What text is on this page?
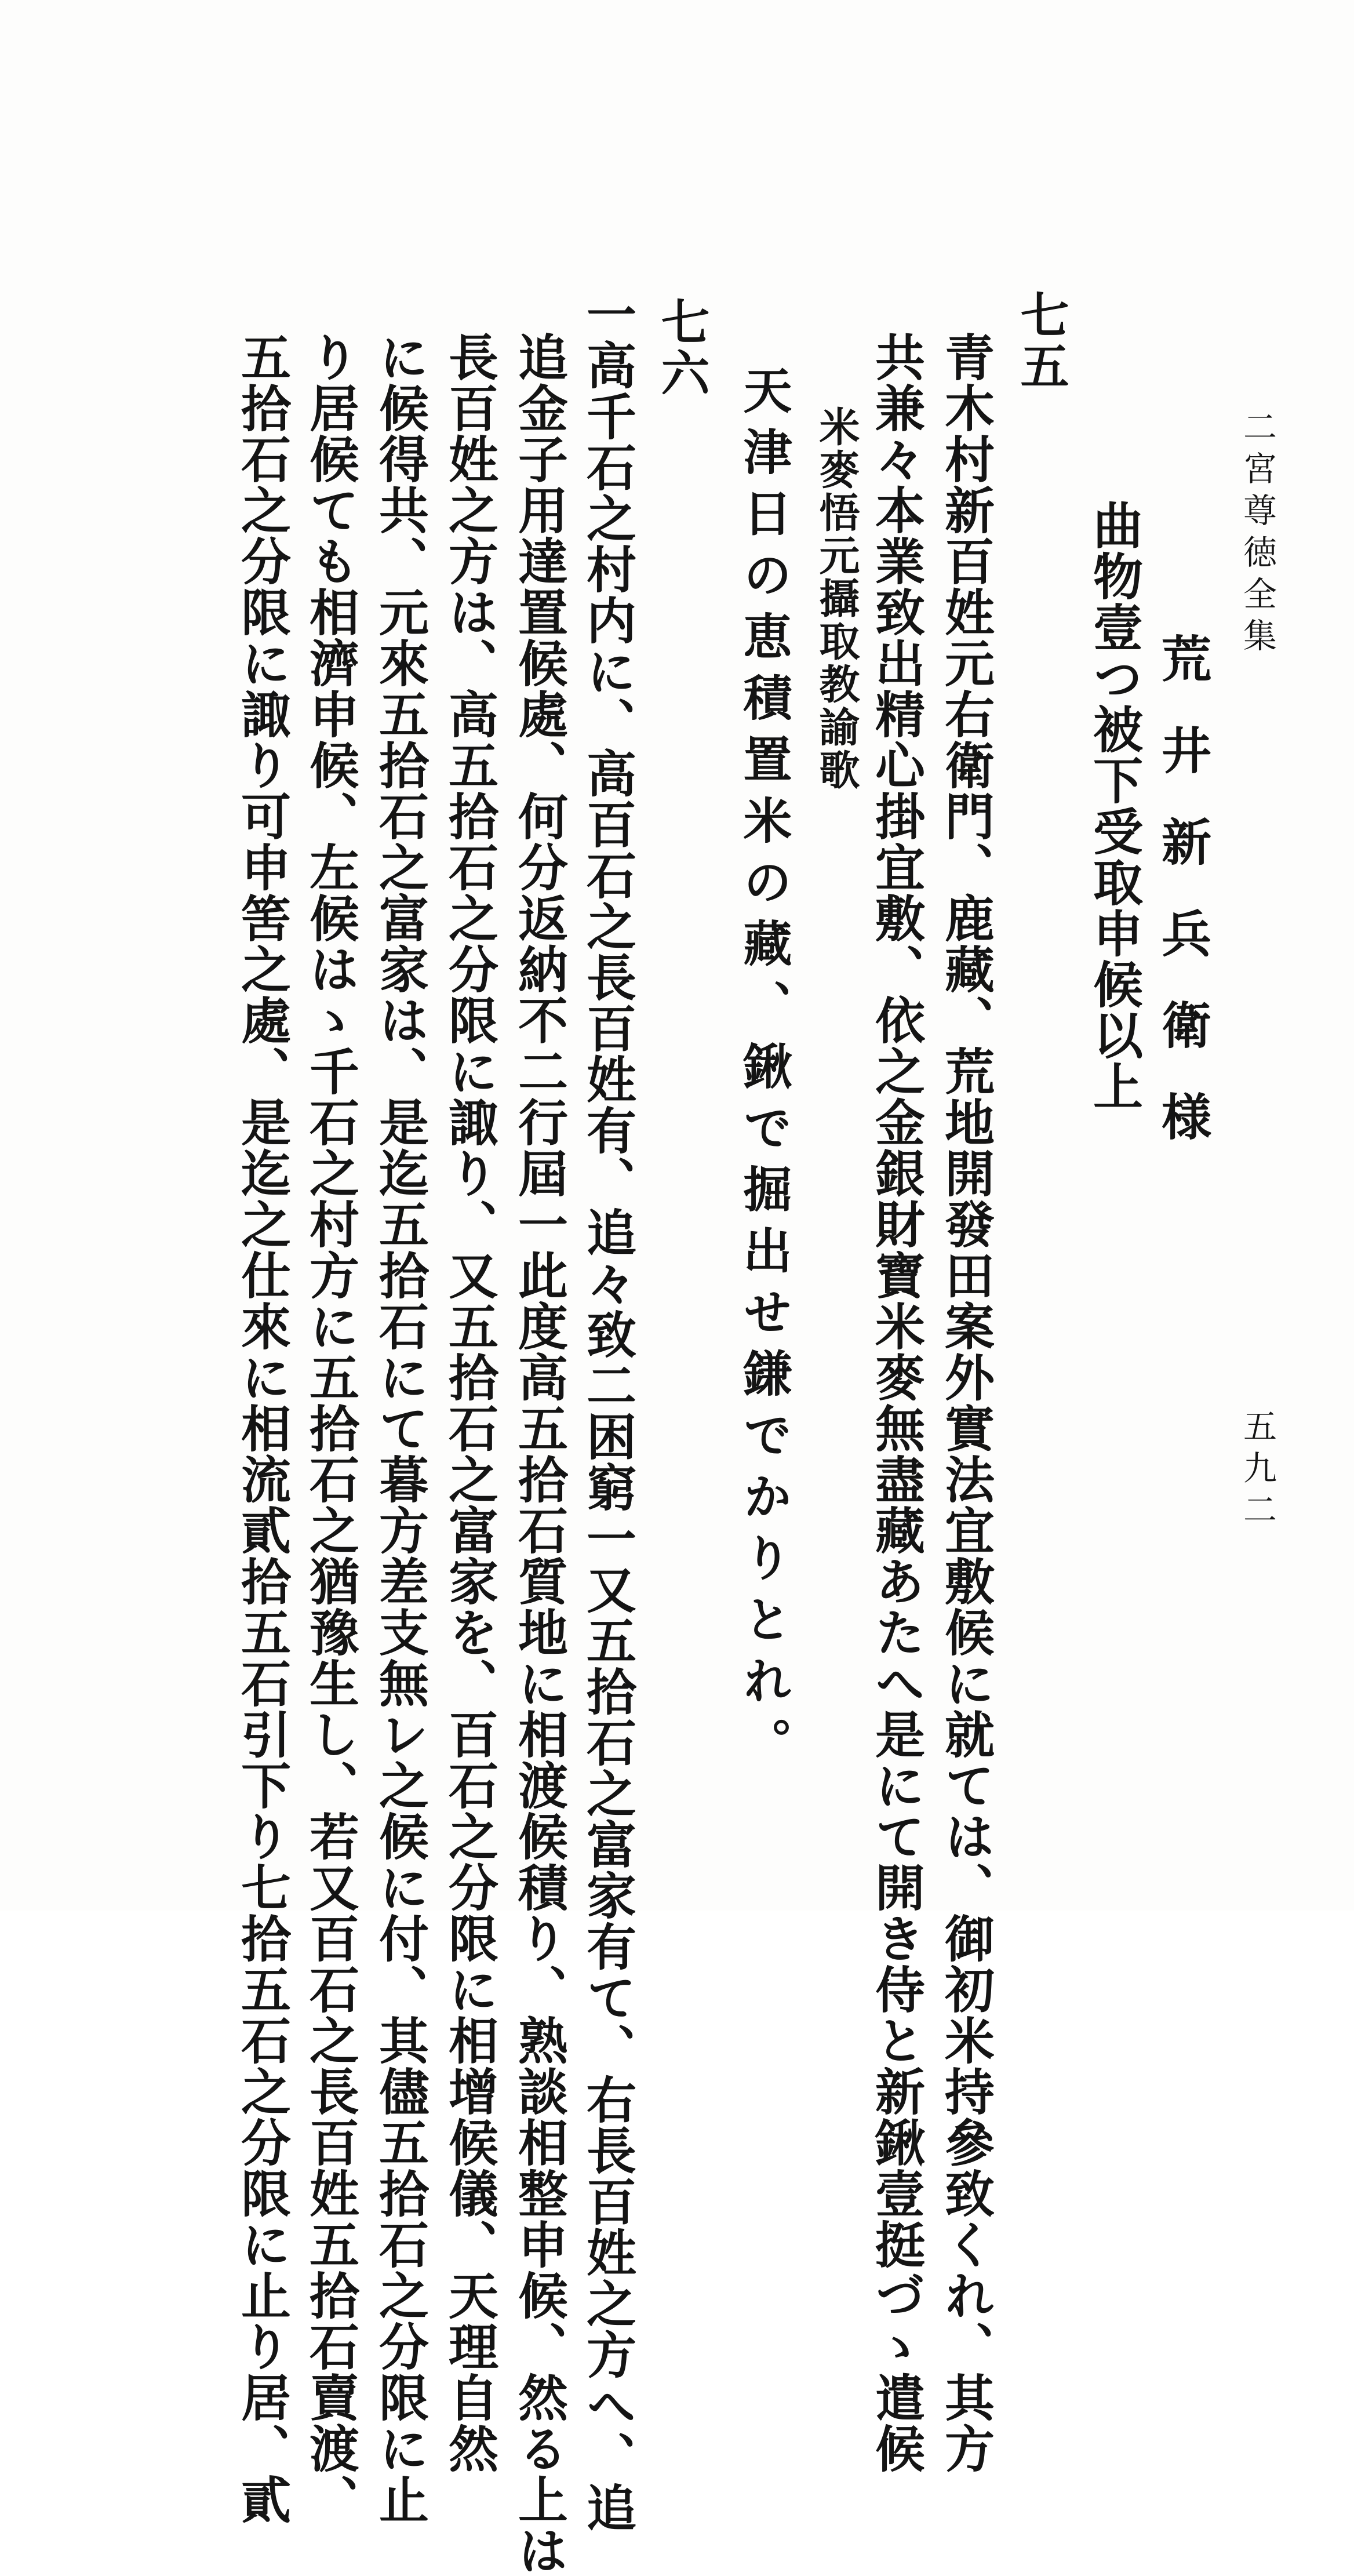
二宮尊徳全集
五九二
荒井新兵衛様
曲物壹つ被下受取申候以上
七五
青木村新百姓元右衛門、鹿藏、荒地開發田案外實法宜敷候に就ては、御初米持參致くれ、其方
共兼々本業致出精心掛宜敷、依之金銀財寶米麥無盡藏あたへ是にて開き侍と新鍬壹挺づゝ遣候
米麥悟元攝取教諭歌
天津日の恵積置米の藏、鍬で掘出せ鎌でかりとれ。
七六
一高千石之村内に、高百石之長百姓有、追々致二困窮一又五拾石之富家有て、右長百姓之方へ、追
追金子用達置候處、何分返納不二行屆一此度高五拾石質地に相渡候積り、熟談相整申候、然る上は
長百姓之方は、高五拾石之分限に諏り、又五拾石之富家を、百石之分限に相增候儀、天理自然
に候得共、元來五拾石之富家は、是迄五拾石にて暮方差支無レ之候に付、其儘五拾石之分限に止
り居候ても相濟申候、左候はゝ千石之村方に五拾石之猶豫生し、若又百石之長百姓五拾石賣渡、
五拾石之分限に諏り可申筈之處、是迄之仕來に相流貳拾五石引下り七拾五石之分限に止り居、貳
